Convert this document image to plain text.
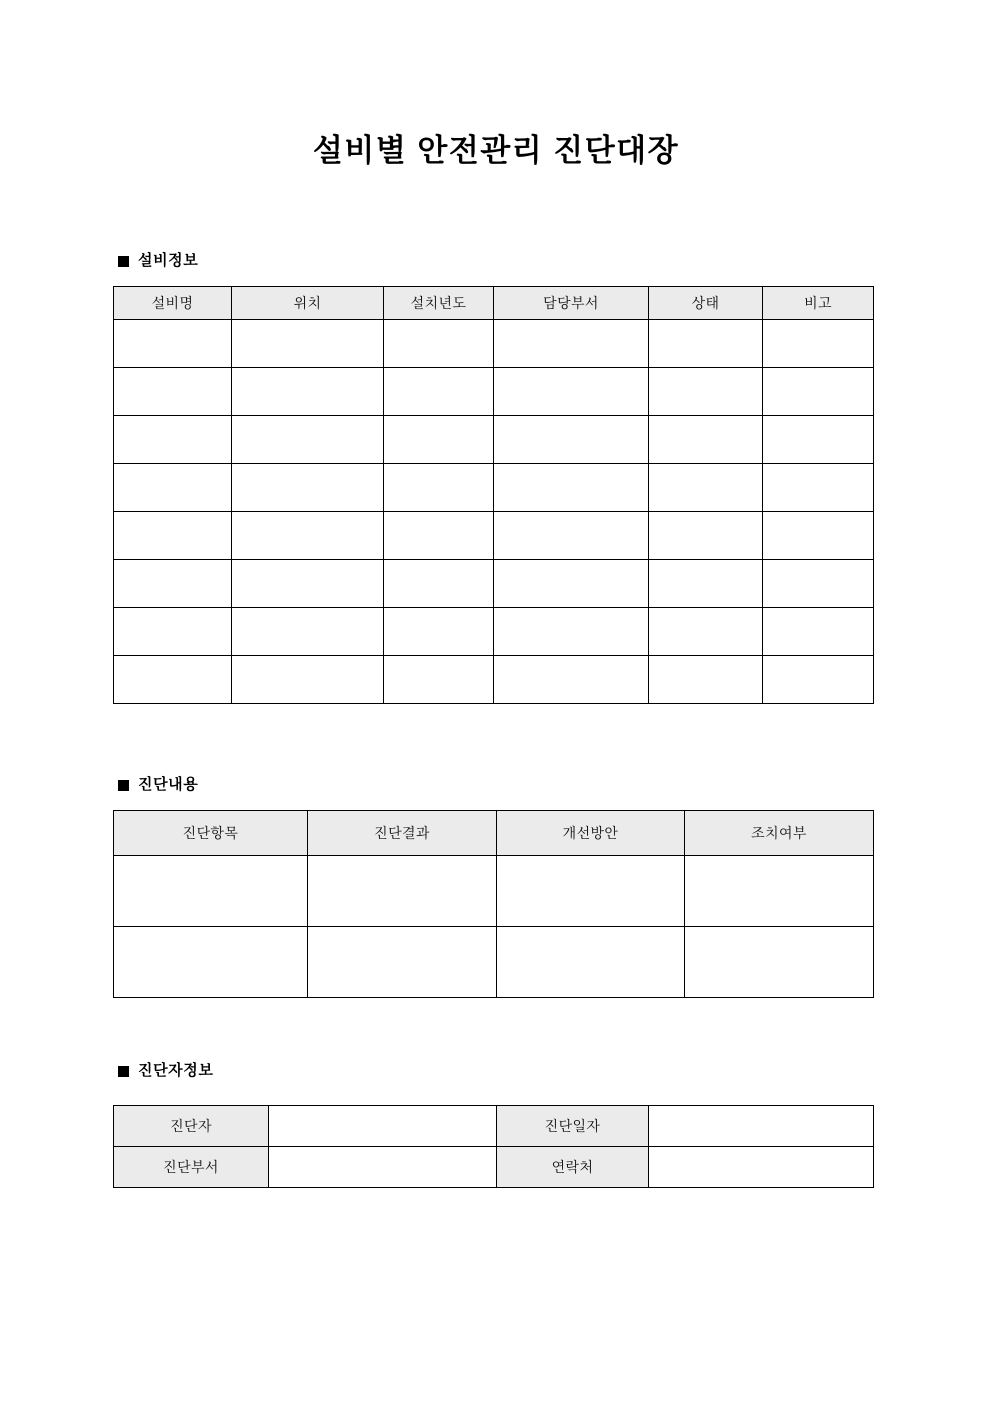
설비별 안전관리 진단대장
설비정보
설비명	위치	설치년도	담당부서	상태	비고

진단내용
진단항목	진단결과	개선방안	조치여부

진단자정보
진단자		진단일자	
진단부서		연락처	
